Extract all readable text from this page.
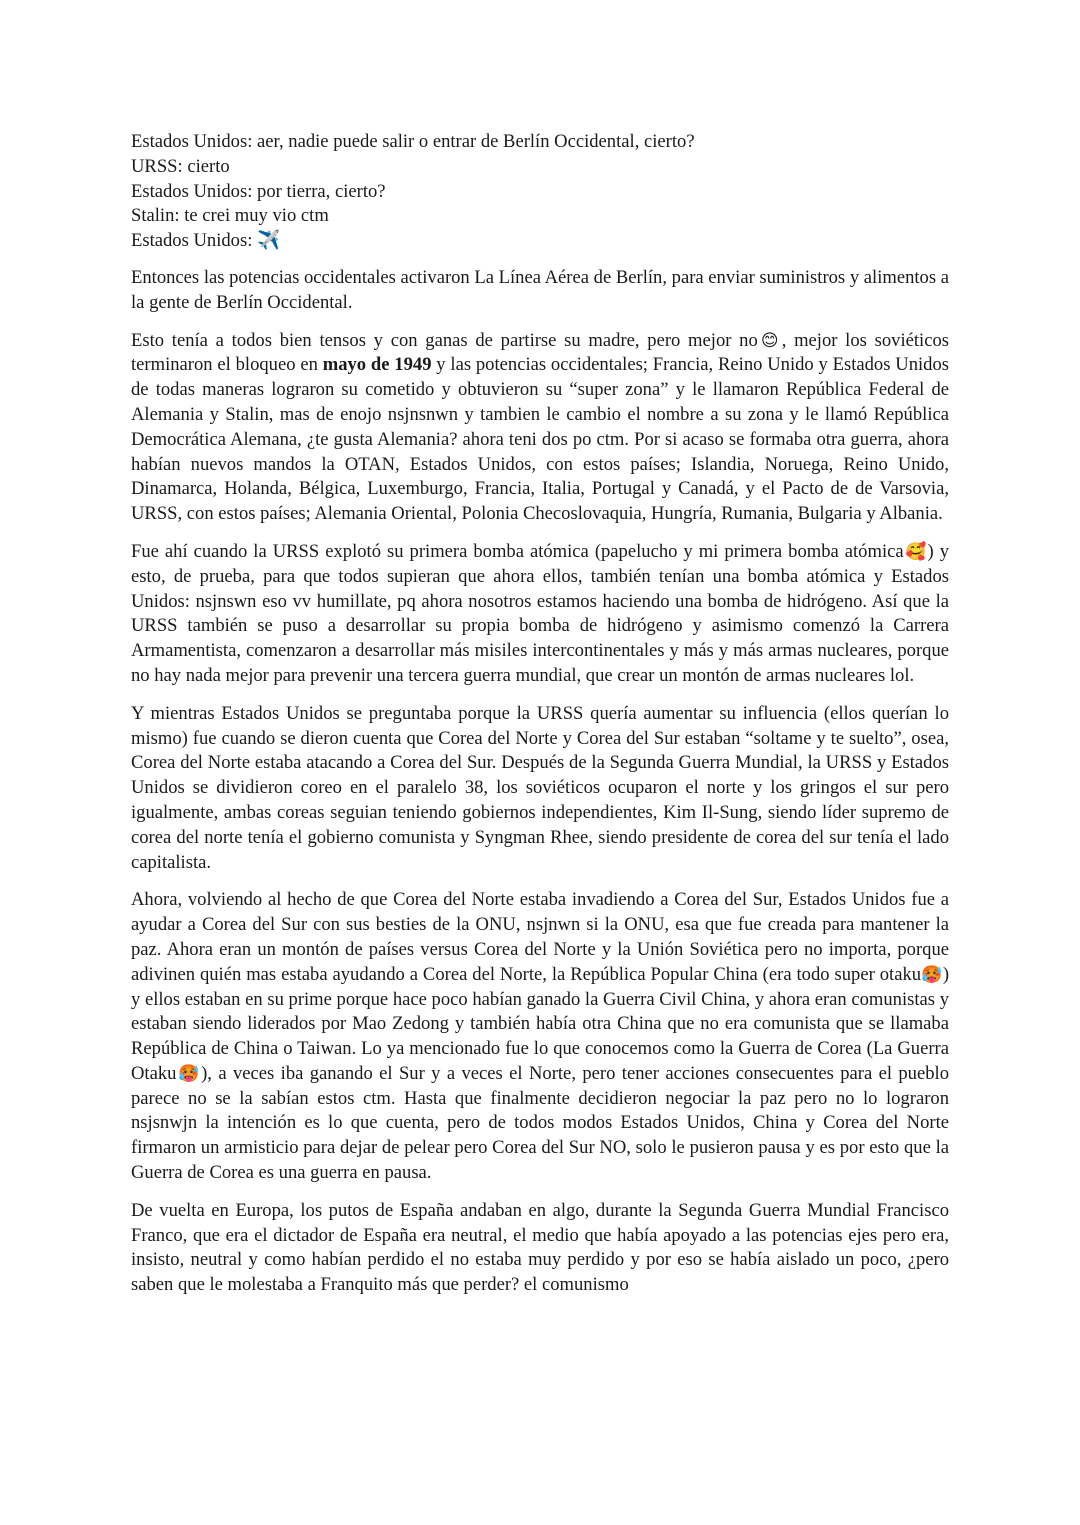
Estados Unidos: aer, nadie puede salir o entrar de Berlín Occidental, cierto?
URSS: cierto
Estados Unidos: por tierra, cierto?
Stalin: te crei muy vio ctm
Estados Unidos: ✈️

Entonces las potencias occidentales activaron La Línea Aérea de Berlín, para enviar suministros y alimentos a la gente de Berlín Occidental.

Esto tenía a todos bien tensos y con ganas de partirse su madre, pero mejor no😊, mejor los soviéticos terminaron el bloqueo en mayo de 1949 y las potencias occidentales; Francia, Reino Unido y Estados Unidos de todas maneras lograron su cometido y obtuvieron su “super zona” y le llamaron República Federal de Alemania y Stalin, mas de enojo nsjnsnwn y tambien le cambio el nombre a su zona y le llamó República Democrática Alemana, ¿te gusta Alemania? ahora teni dos po ctm. Por si acaso se formaba otra guerra, ahora habían nuevos mandos la OTAN, Estados Unidos, con estos países; Islandia, Noruega, Reino Unido, Dinamarca, Holanda, Bélgica, Luxemburgo, Francia, Italia, Portugal y Canadá, y el Pacto de de Varsovia, URSS, con estos países; Alemania Oriental, Polonia Checoslovaquia, Hungría, Rumania, Bulgaria y Albania.

Fue ahí cuando la URSS explotó su primera bomba atómica (papelucho y mi primera bomba atómica🥰) y esto, de prueba, para que todos supieran que ahora ellos, también tenían una bomba atómica y Estados Unidos: nsjnswn eso vv humillate, pq ahora nosotros estamos haciendo una bomba de hidrógeno. Así que la URSS también se puso a desarrollar su propia bomba de hidrógeno y asimismo comenzó la Carrera Armamentista, comenzaron a desarrollar más misiles intercontinentales y más y más armas nucleares, porque no hay nada mejor para prevenir una tercera guerra mundial, que crear un montón de armas nucleares lol.

Y mientras Estados Unidos se preguntaba porque la URSS quería aumentar su influencia (ellos querían lo mismo) fue cuando se dieron cuenta que Corea del Norte y Corea del Sur estaban “soltame y te suelto”, osea, Corea del Norte estaba atacando a Corea del Sur. Después de la Segunda Guerra Mundial, la URSS y Estados Unidos se dividieron coreo en el paralelo 38, los soviéticos ocuparon el norte y los gringos el sur pero igualmente, ambas coreas seguian teniendo gobiernos independientes, Kim Il-Sung, siendo líder supremo de corea del norte tenía el gobierno comunista y Syngman Rhee, siendo presidente de corea del sur tenía el lado capitalista.

Ahora, volviendo al hecho de que Corea del Norte estaba invadiendo a Corea del Sur, Estados Unidos fue a ayudar a Corea del Sur con sus besties de la ONU, nsjnwn si la ONU, esa que fue creada para mantener la paz. Ahora eran un montón de países versus Corea del Norte y la Unión Soviética pero no importa, porque adivinen quién mas estaba ayudando a Corea del Norte, la República Popular China (era todo super otaku🥵) y ellos estaban en su prime porque hace poco habían ganado la Guerra Civil China, y ahora eran comunistas y estaban siendo liderados por Mao Zedong y también había otra China que no era comunista que se llamaba República de China o Taiwan. Lo ya mencionado fue lo que conocemos como la Guerra de Corea (La Guerra Otaku🥵), a veces iba ganando el Sur y a veces el Norte, pero tener acciones consecuentes para el pueblo parece no se la sabían estos ctm. Hasta que finalmente decidieron negociar la paz pero no lo lograron nsjsnwjn la intención es lo que cuenta, pero de todos modos Estados Unidos, China y Corea del Norte firmaron un armisticio para dejar de pelear pero Corea del Sur NO, solo le pusieron pausa y es por esto que la Guerra de Corea es una guerra en pausa.

De vuelta en Europa, los putos de España andaban en algo, durante la Segunda Guerra Mundial Francisco Franco, que era el dictador de España era neutral, el medio que había apoyado a las potencias ejes pero era, insisto, neutral y como habían perdido el no estaba muy perdido y por eso se había aislado un poco, ¿pero saben que le molestaba a Franquito más que perder? el comunismo
